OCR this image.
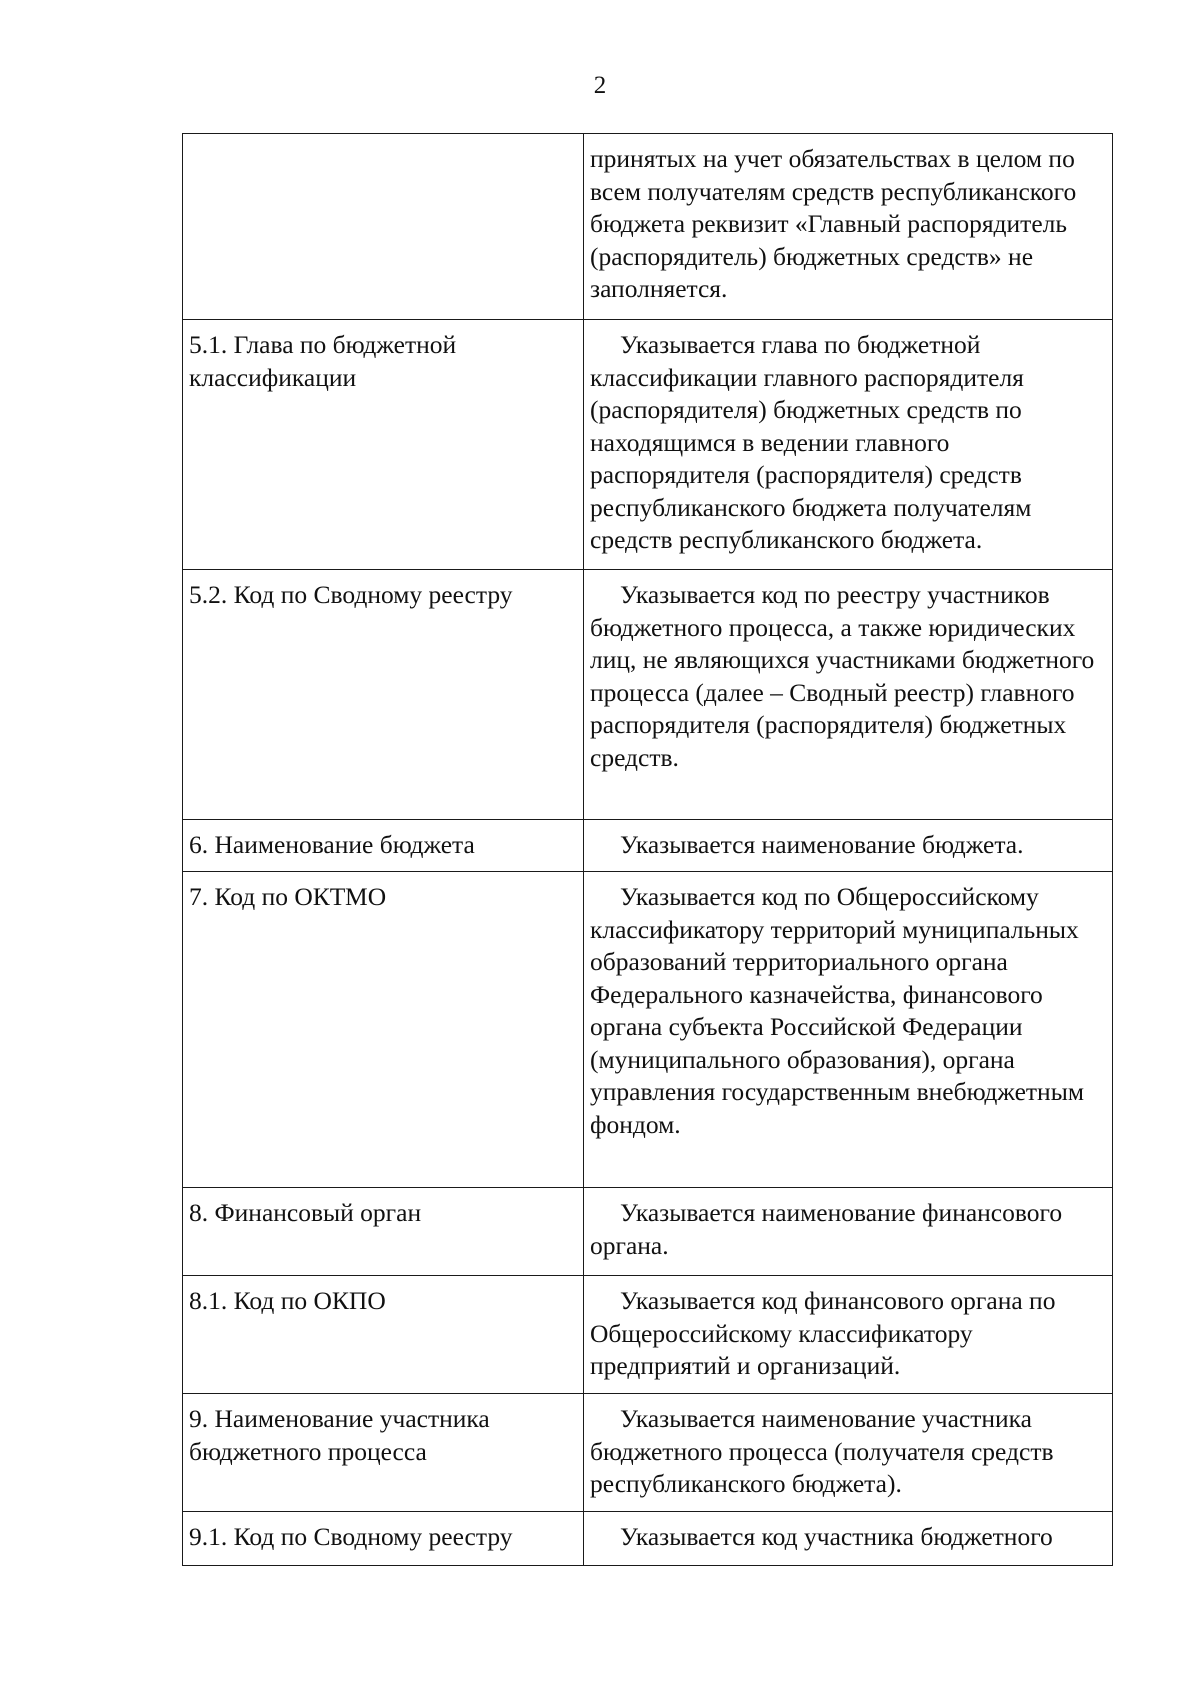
2

	принятых на учет обязательствах в целом по всем получателям средств республиканского бюджета реквизит «Главный распорядитель (распорядитель) бюджетных средств» не заполняется.

5.1. Глава по бюджетной классификации	Указывается глава по бюджетной классификации главного распорядителя (распорядителя) бюджетных средств по находящимся в ведении главного распорядителя (распорядителя) средств республиканского бюджета получателям средств республиканского бюджета.

5.2. Код по Сводному реестру	Указывается код по реестру участников бюджетного процесса, а также юридических лиц, не являющихся участниками бюджетного процесса (далее – Сводный реестр) главного распорядителя (распорядителя) бюджетных средств.

6. Наименование бюджета	Указывается наименование бюджета.

7. Код по ОКТМО	Указывается код по Общероссийскому классификатору территорий муниципальных образований территориального органа Федерального казначейства, финансового органа субъекта Российской Федерации (муниципального образования), органа управления государственным внебюджетным фондом.

8. Финансовый орган	Указывается наименование финансового органа.

8.1. Код по ОКПО	Указывается код финансового органа по Общероссийскому классификатору предприятий и организаций.

9. Наименование участника бюджетного процесса	Указывается наименование участника бюджетного процесса (получателя средств республиканского бюджета).

9.1. Код по Сводному реестру	Указывается код участника бюджетного
